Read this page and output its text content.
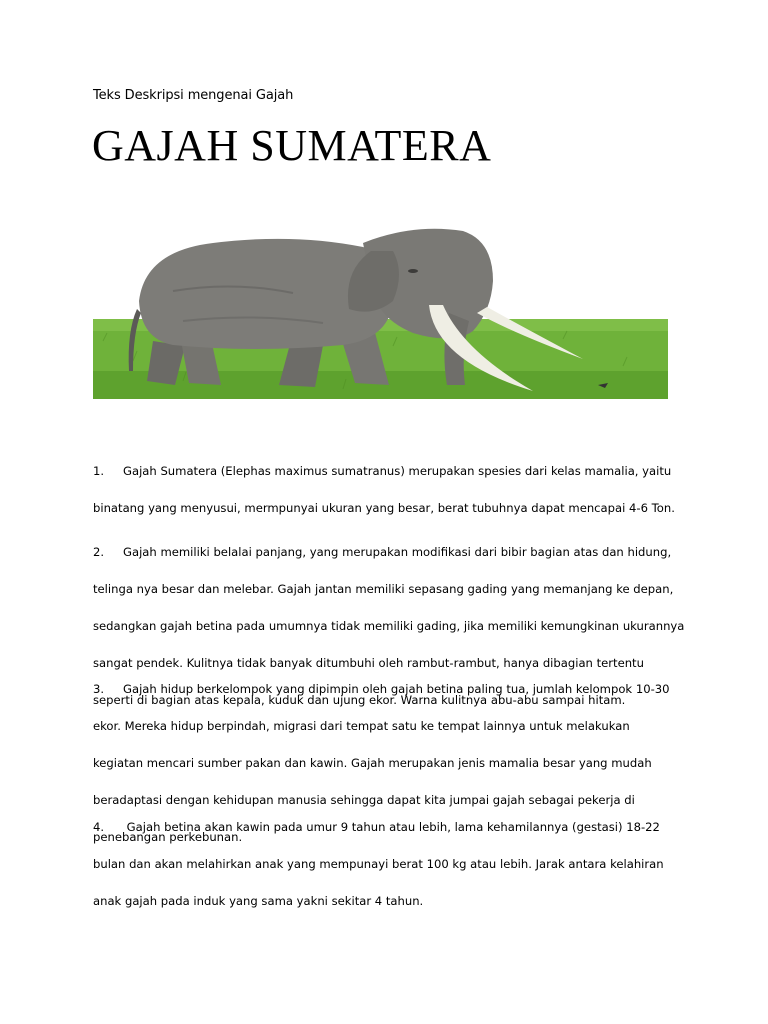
Teks Deskripsi mengenai Gajah
GAJAH SUMATERA

1. Gajah Sumatera (Elephas maximus sumatranus) merupakan spesies dari kelas mamalia, yaitu

binatang yang menyusui, mermpunyai ukuran yang besar, berat tubuhnya dapat mencapai 4-6 Ton.

2. Gajah memiliki belalai panjang, yang merupakan modifikasi dari bibir bagian atas dan hidung,

telinga nya besar dan melebar. Gajah jantan memiliki sepasang gading yang memanjang ke depan,

sedangkan gajah betina pada umumnya tidak memiliki gading, jika memiliki kemungkinan ukurannya

sangat pendek. Kulitnya tidak banyak ditumbuhi oleh rambut-rambut, hanya dibagian tertentu

seperti di bagian atas kepala, kuduk dan ujung ekor. Warna kulitnya abu-abu sampai hitam.

3. Gajah hidup berkelompok yang dipimpin oleh gajah betina paling tua, jumlah kelompok 10-30

ekor. Mereka hidup berpindah, migrasi dari tempat satu ke tempat lainnya untuk melakukan

kegiatan mencari sumber pakan dan kawin. Gajah merupakan jenis mamalia besar yang mudah

beradaptasi dengan kehidupan manusia sehingga dapat kita jumpai gajah sebagai pekerja di

penebangan perkebunan.

4. Gajah betina akan kawin pada umur 9 tahun atau lebih, lama kehamilannya (gestasi) 18-22

bulan dan akan melahirkan anak yang mempunayi berat 100 kg atau lebih. Jarak antara kelahiran

anak gajah pada induk yang sama yakni sekitar 4 tahun.
